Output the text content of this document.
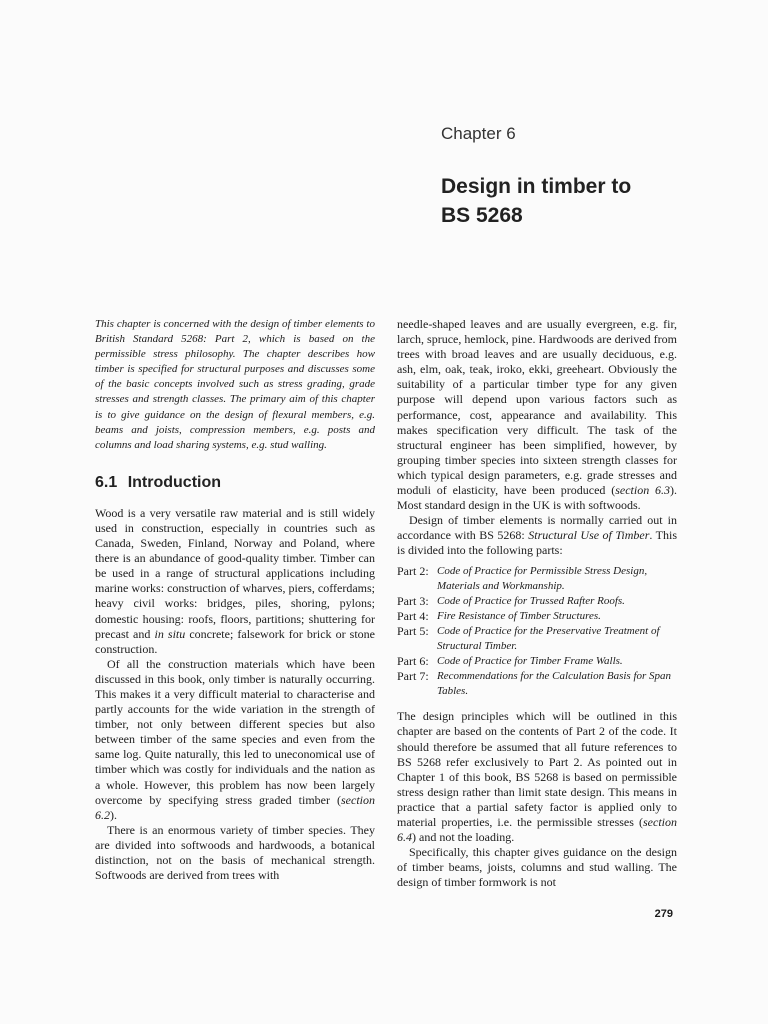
Chapter 6
Design in timber to
BS 5268

This chapter is concerned with the design of timber elements to British Standard 5268: Part 2, which is based on the permissible stress philosophy. The chapter describes how timber is specified for structural purposes and discusses some of the basic concepts involved such as stress grading, grade stresses and strength classes. The primary aim of this chapter is to give guidance on the design of flexural members, e.g. beams and joists, compression members, e.g. posts and columns and load sharing systems, e.g. stud walling.

6.1 Introduction

Wood is a very versatile raw material and is still widely used in construction, especially in countries such as Canada, Sweden, Finland, Norway and Poland, where there is an abundance of good-quality timber. Timber can be used in a range of structural applications including marine works: construction of wharves, piers, cofferdams; heavy civil works: bridges, piles, shoring, pylons; domestic housing: roofs, floors, partitions; shuttering for precast and in situ concrete; falsework for brick or stone construction.

Of all the construction materials which have been discussed in this book, only timber is naturally occurring. This makes it a very difficult material to characterise and partly accounts for the wide variation in the strength of timber, not only between different species but also between timber of the same species and even from the same log. Quite naturally, this led to uneconomical use of timber which was costly for individuals and the nation as a whole. However, this problem has now been largely overcome by specifying stress graded timber (section 6.2).

There is an enormous variety of timber species. They are divided into softwoods and hardwoods, a botanical distinction, not on the basis of mechanical strength. Softwoods are derived from trees with

needle-shaped leaves and are usually evergreen, e.g. fir, larch, spruce, hemlock, pine. Hardwoods are derived from trees with broad leaves and are usually deciduous, e.g. ash, elm, oak, teak, iroko, ekki, greeheart. Obviously the suitability of a particular timber type for any given purpose will depend upon various factors such as performance, cost, appearance and availability. This makes specification very difficult. The task of the structural engineer has been simplified, however, by grouping timber species into sixteen strength classes for which typical design parameters, e.g. grade stresses and moduli of elasticity, have been produced (section 6.3). Most standard design in the UK is with softwoods.

Design of timber elements is normally carried out in accordance with BS 5268: Structural Use of Timber. This is divided into the following parts:

Part 2: Code of Practice for Permissible Stress Design, Materials and Workmanship.
Part 3: Code of Practice for Trussed Rafter Roofs.
Part 4: Fire Resistance of Timber Structures.
Part 5: Code of Practice for the Preservative Treatment of Structural Timber.
Part 6: Code of Practice for Timber Frame Walls.
Part 7: Recommendations for the Calculation Basis for Span Tables.

The design principles which will be outlined in this chapter are based on the contents of Part 2 of the code. It should therefore be assumed that all future references to BS 5268 refer exclusively to Part 2. As pointed out in Chapter 1 of this book, BS 5268 is based on permissible stress design rather than limit state design. This means in practice that a partial safety factor is applied only to material properties, i.e. the permissible stresses (section 6.4) and not the loading.

Specifically, this chapter gives guidance on the design of timber beams, joists, columns and stud walling. The design of timber formwork is not

279
